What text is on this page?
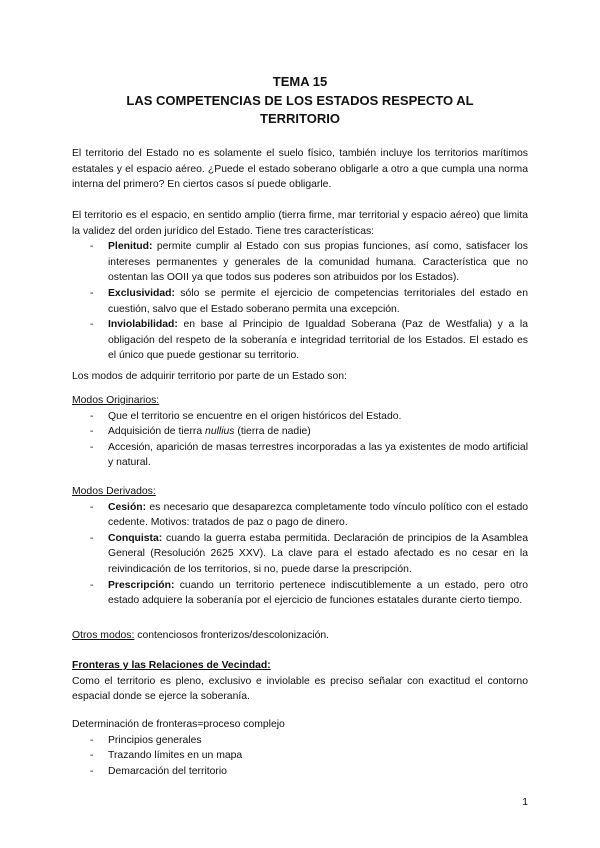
TEMA 15
LAS COMPETENCIAS DE LOS ESTADOS RESPECTO AL
TERRITORIO

El territorio del Estado no es solamente el suelo físico, también incluye los territorios marítimos estatales y el espacio aéreo. ¿Puede el estado soberano obligarle a otro a que cumpla una norma interna del primero? En ciertos casos sí puede obligarle.

El territorio es el espacio, en sentido amplio (tierra firme, mar territorial y espacio aéreo) que limita la validez del orden jurídico del Estado. Tiene tres características:

- Plenitud: permite cumplir al Estado con sus propias funciones, así como, satisfacer los intereses permanentes y generales de la comunidad humana. Característica que no ostentan las OOII ya que todos sus poderes son atribuidos por los Estados).
- Exclusividad: sólo se permite el ejercicio de competencias territoriales del estado en cuestión, salvo que el Estado soberano permita una excepción.
- Inviolabilidad: en base al Principio de Igualdad Soberana (Paz de Westfalia) y a la obligación del respeto de la soberanía e integridad territorial de los Estados. El estado es el único que puede gestionar su territorio.

Los modos de adquirir territorio por parte de un Estado son:

Modos Originarios:

- Que el territorio se encuentre en el origen históricos del Estado.
- Adquisición de tierra nullius (tierra de nadie)
- Accesión, aparición de masas terrestres incorporadas a las ya existentes de modo artificial y natural.

Modos Derivados:

- Cesión: es necesario que desaparezca completamente todo vínculo político con el estado cedente. Motivos: tratados de paz o pago de dinero.
- Conquista: cuando la guerra estaba permitida. Declaración de principios de la Asamblea General (Resolución 2625 XXV). La clave para el estado afectado es no cesar en la reivindicación de los territorios, si no, puede darse la prescripción.
- Prescripción: cuando un territorio pertenece indiscutiblemente a un estado, pero otro estado adquiere la soberanía por el ejercicio de funciones estatales durante cierto tiempo.

Otros modos: contenciosos fronterizos/descolonización.

Fronteras y las Relaciones de Vecindad:

Como el territorio es pleno, exclusivo e inviolable es preciso señalar con exactitud el contorno espacial donde se ejerce la soberanía.

Determinación de fronteras=proceso complejo

- Principios generales
- Trazando límites en un mapa
- Demarcación del territorio
1
